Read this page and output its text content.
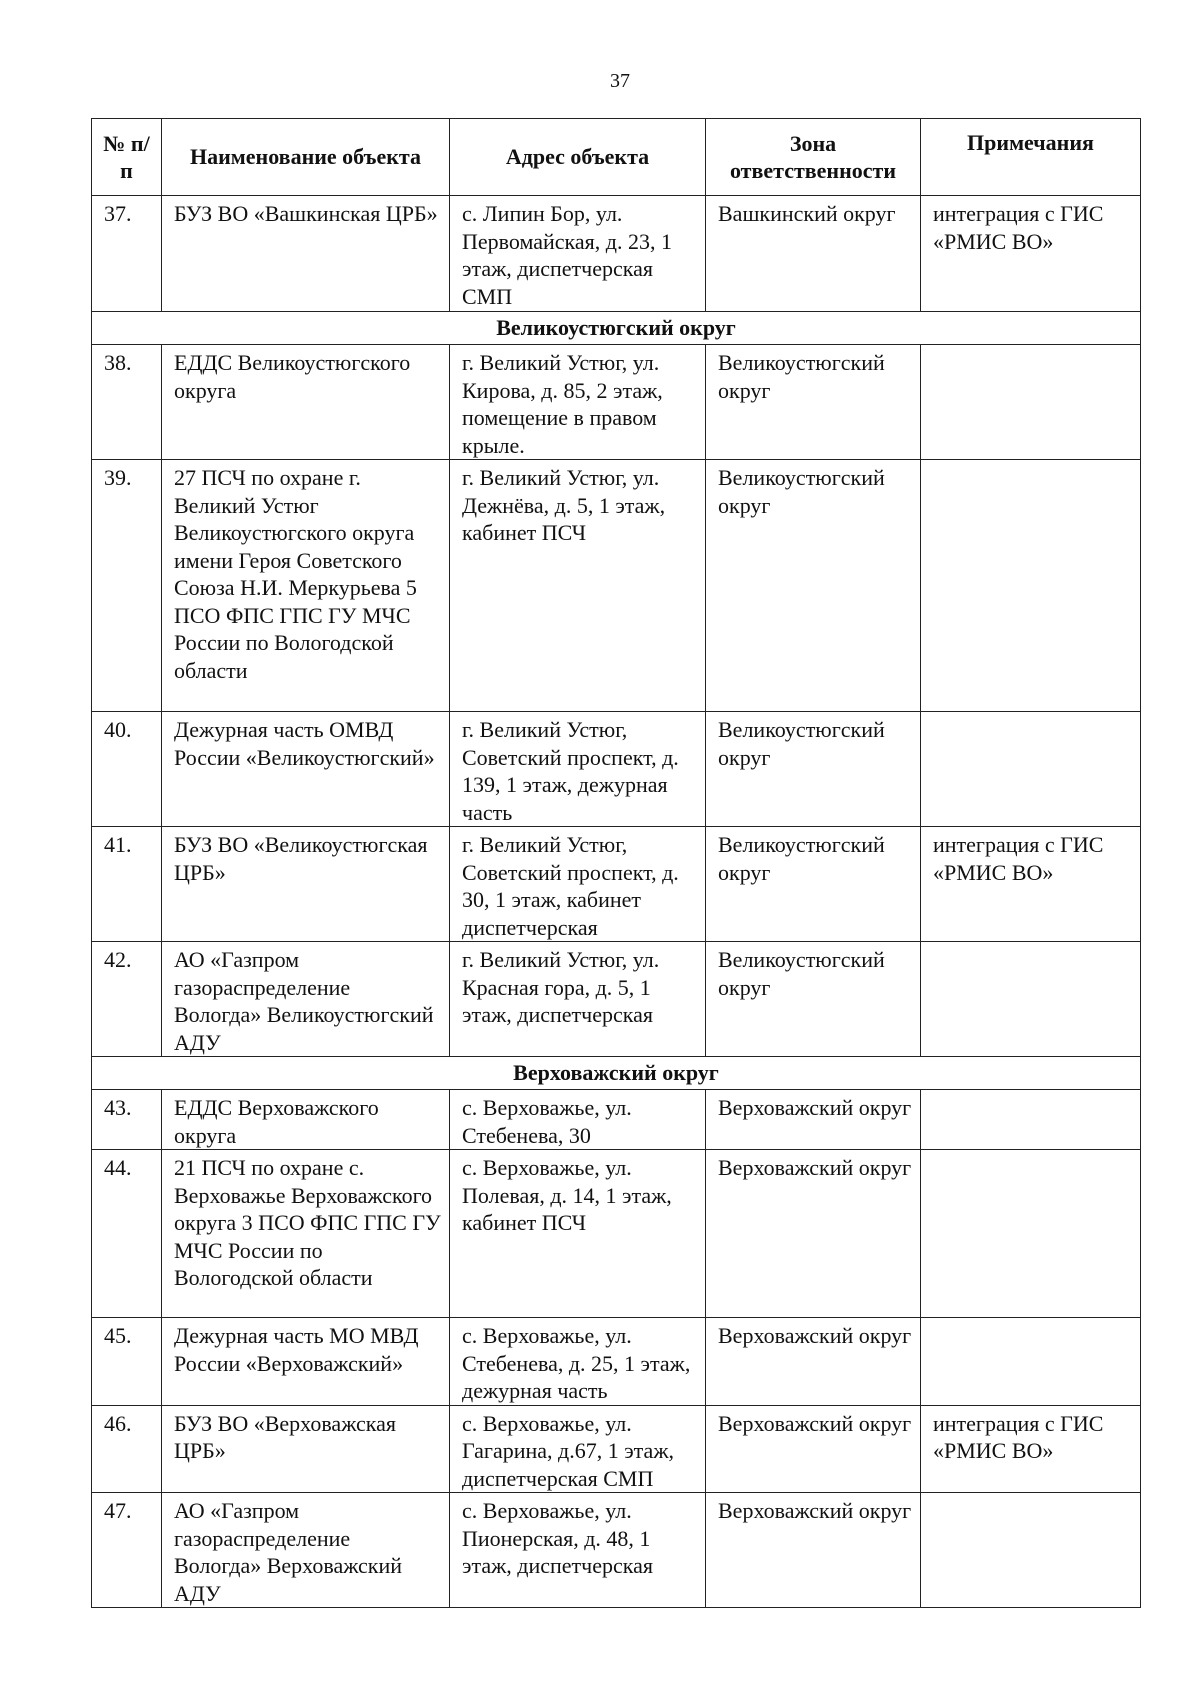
37
№ п/п	Наименование объекта	Адрес объекта	Зона ответственности	Примечания
37.	БУЗ ВО «Вашкинская ЦРБ»	с. Липин Бор, ул. Первомайская, д. 23, 1 этаж, диспетчерская СМП	Вашкинский округ	интеграция с ГИС «РМИС ВО»
Великоустюгский округ				
38.	ЕДДС Великоустюгского округа	г. Великий Устюг, ул. Кирова, д. 85, 2 этаж, помещение в правом крыле.	Великоустюгский округ	
39.	27 ПСЧ по охране г. Великий Устюг Великоустюгского округа имени Героя Советского Союза Н.И. Меркурьева 5 ПСО ФПС ГПС ГУ МЧС России по Вологодской области	г. Великий Устюг, ул. Дежнёва, д. 5, 1 этаж, кабинет ПСЧ	Великоустюгский округ	
40.	Дежурная часть ОМВД России «Великоустюгский»	г. Великий Устюг, Советский проспект, д. 139, 1 этаж, дежурная часть	Великоустюгский округ	
41.	БУЗ ВО «Великоустюгская ЦРБ»	г. Великий Устюг, Советский проспект, д. 30, 1 этаж, кабинет диспетчерская	Великоустюгский округ	интеграция с ГИС «РМИС ВО»
42.	АО «Газпром газораспределение Вологда» Великоустюгский АДУ	г. Великий Устюг, ул. Красная гора, д. 5, 1 этаж, диспетчерская	Великоустюгский округ	
Верховажский округ				
43.	ЕДДС Верховажского округа	с. Верховажье, ул. Стебенева, 30	Верховажский округ	
44.	21 ПСЧ по охране с. Верховажье Верховажского округа 3 ПСО ФПС ГПС ГУ МЧС России по Вологодской области	с. Верховажье, ул. Полевая, д. 14, 1 этаж, кабинет ПСЧ	Верховажский округ	
45.	Дежурная часть МО МВД России «Верховажский»	с. Верховажье, ул. Стебенева, д. 25, 1 этаж, дежурная часть	Верховажский округ	
46.	БУЗ ВО «Верховажская ЦРБ»	с. Верховажье, ул. Гагарина, д.67, 1 этаж, диспетчерская СМП	Верховажский округ	интеграция с ГИС «РМИС ВО»
47.	АО «Газпром газораспределение Вологда» Верховажский АДУ	с. Верховажье, ул. Пионерская, д. 48, 1 этаж, диспетчерская	Верховажский округ	
